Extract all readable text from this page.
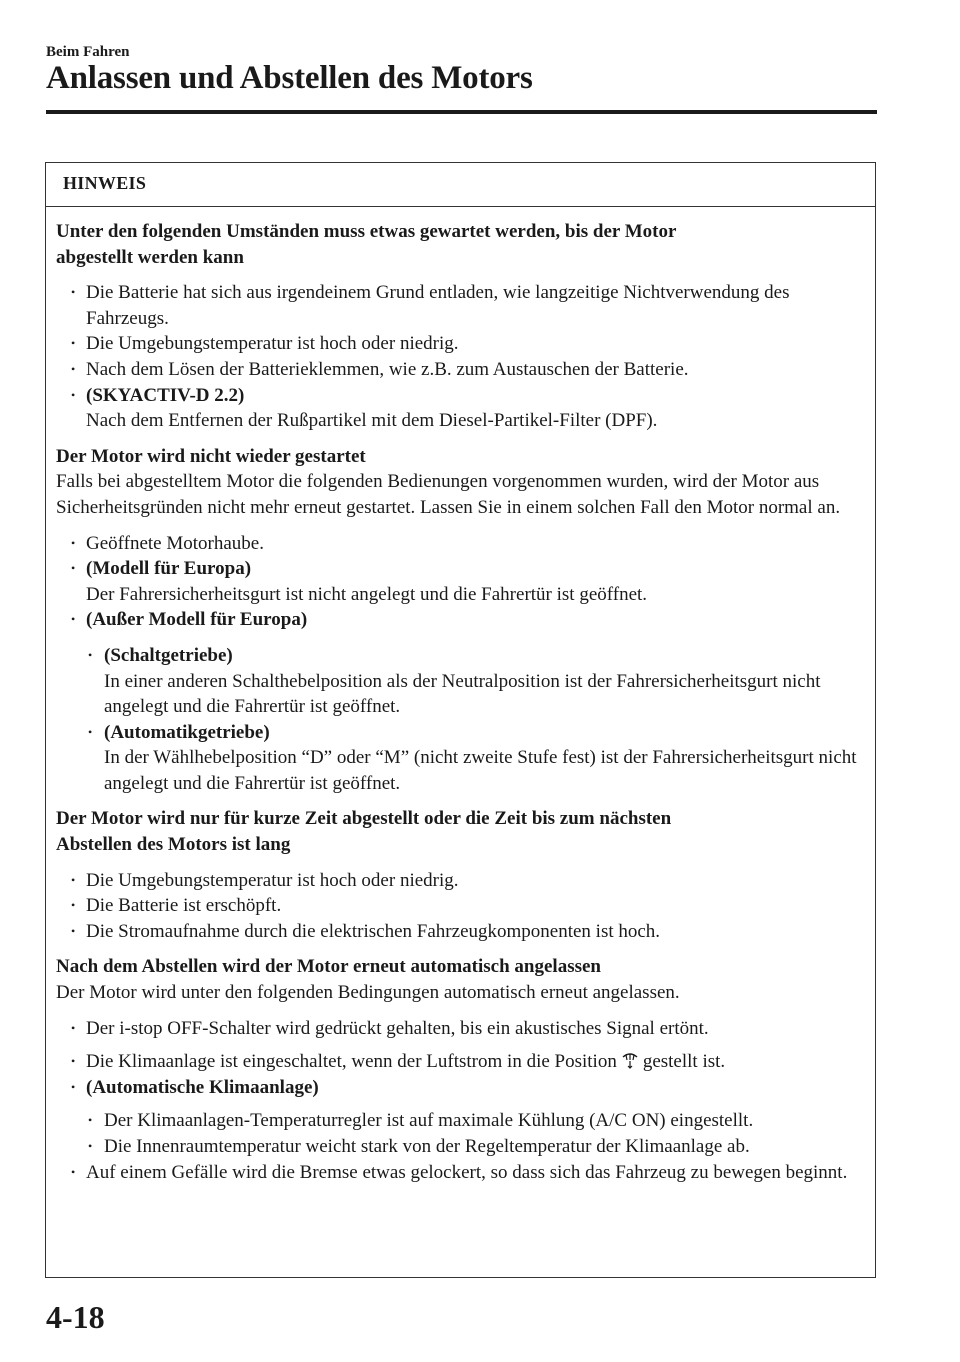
Beim Fahren
Anlassen und Abstellen des Motors
HINWEIS
Unter den folgenden Umständen muss etwas gewartet werden, bis der Motor
abgestellt werden kann
• Die Batterie hat sich aus irgendeinem Grund entladen, wie langzeitige Nichtverwendung des Fahrzeugs.
• Die Umgebungstemperatur ist hoch oder niedrig.
• Nach dem Lösen der Batterieklemmen, wie z.B. zum Austauschen der Batterie.
• (SKYACTIV-D 2.2)
Nach dem Entfernen der Rußpartikel mit dem Diesel-Partikel-Filter (DPF).
Der Motor wird nicht wieder gestartet
Falls bei abgestelltem Motor die folgenden Bedienungen vorgenommen wurden, wird der Motor aus Sicherheitsgründen nicht mehr erneut gestartet. Lassen Sie in einem solchen Fall den Motor normal an.
• Geöffnete Motorhaube.
• (Modell für Europa)
Der Fahrersicherheitsgurt ist nicht angelegt und die Fahrertür ist geöffnet.
• (Außer Modell für Europa)
• (Schaltgetriebe)
In einer anderen Schalthebelposition als der Neutralposition ist der Fahrersicherheitsgurt nicht angelegt und die Fahrertür ist geöffnet.
• (Automatikgetriebe)
In der Wählhebelposition “D” oder “M” (nicht zweite Stufe fest) ist der Fahrersicherheitsgurt nicht angelegt und die Fahrertür ist geöffnet.
Der Motor wird nur für kurze Zeit abgestellt oder die Zeit bis zum nächsten
Abstellen des Motors ist lang
• Die Umgebungstemperatur ist hoch oder niedrig.
• Die Batterie ist erschöpft.
• Die Stromaufnahme durch die elektrischen Fahrzeugkomponenten ist hoch.
Nach dem Abstellen wird der Motor erneut automatisch angelassen
Der Motor wird unter den folgenden Bedingungen automatisch erneut angelassen.
• Der i-stop OFF-Schalter wird gedrückt gehalten, bis ein akustisches Signal ertönt.
• Die Klimaanlage ist eingeschaltet, wenn der Luftstrom in die Position gestellt ist.
• (Automatische Klimaanlage)
• Der Klimaanlagen-Temperaturregler ist auf maximale Kühlung (A/C ON) eingestellt.
• Die Innenraumtemperatur weicht stark von der Regeltemperatur der Klimaanlage ab.
• Auf einem Gefälle wird die Bremse etwas gelockert, so dass sich das Fahrzeug zu bewegen beginnt.
4-18
